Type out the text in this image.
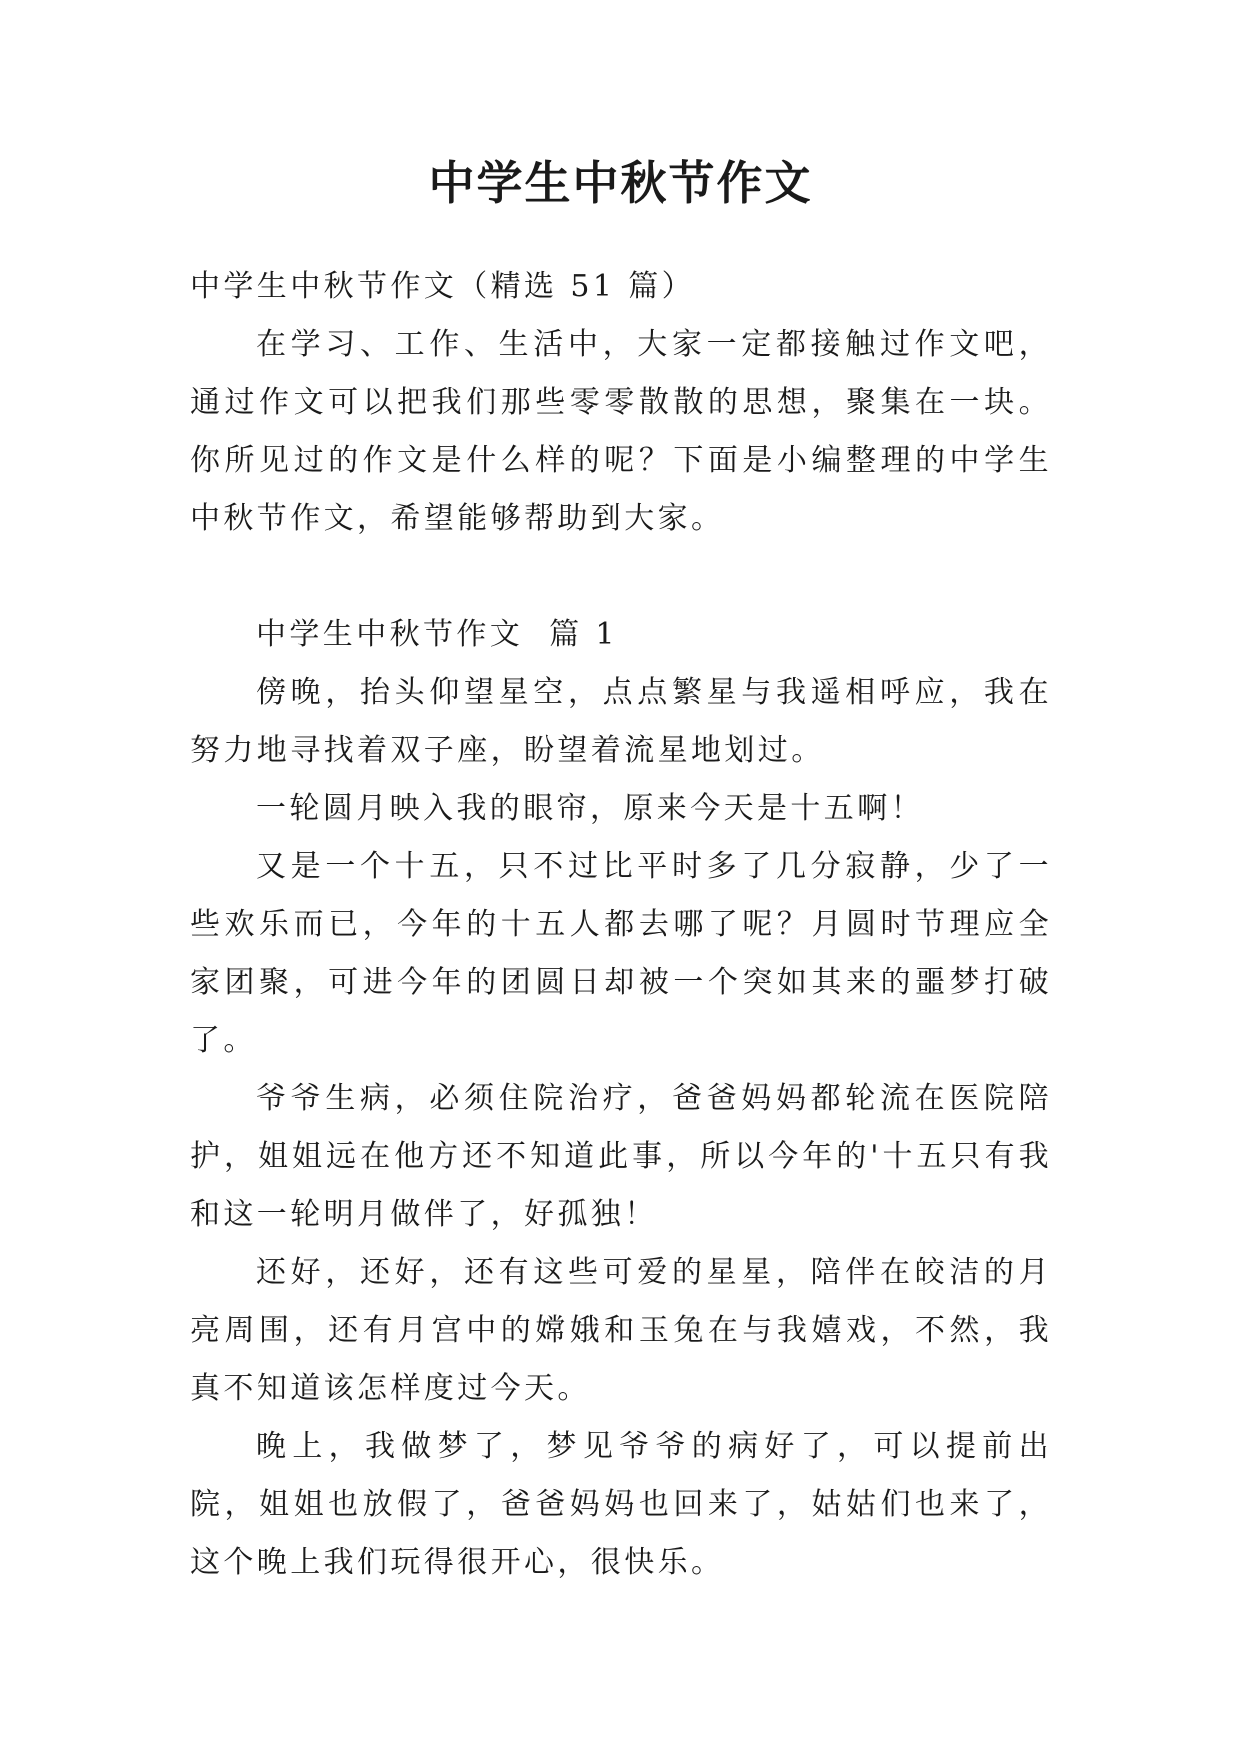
中学生中秋节作文

中学生中秋节作文（精选 51 篇）

在学习、工作、生活中，大家一定都接触过作文吧，通过作文可以把我们那些零零散散的思想，聚集在一块。你所见过的作文是什么样的呢？下面是小编整理的中学生中秋节作文，希望能够帮助到大家。

中学生中秋节作文  篇 1

傍晚，抬头仰望星空，点点繁星与我遥相呼应，我在努力地寻找着双子座，盼望着流星地划过。

一轮圆月映入我的眼帘，原来今天是十五啊！

又是一个十五，只不过比平时多了几分寂静，少了一些欢乐而已，今年的十五人都去哪了呢？月圆时节理应全家团聚，可进今年的团圆日却被一个突如其来的噩梦打破了。

爷爷生病，必须住院治疗，爸爸妈妈都轮流在医院陪护，姐姐远在他方还不知道此事，所以今年的'十五只有我和这一轮明月做伴了，好孤独！

还好，还好，还有这些可爱的星星，陪伴在皎洁的月亮周围，还有月宫中的嫦娥和玉兔在与我嬉戏，不然，我真不知道该怎样度过今天。

晚上，我做梦了，梦见爷爷的病好了，可以提前出院，姐姐也放假了，爸爸妈妈也回来了，姑姑们也来了，这个晚上我们玩得很开心，很快乐。
